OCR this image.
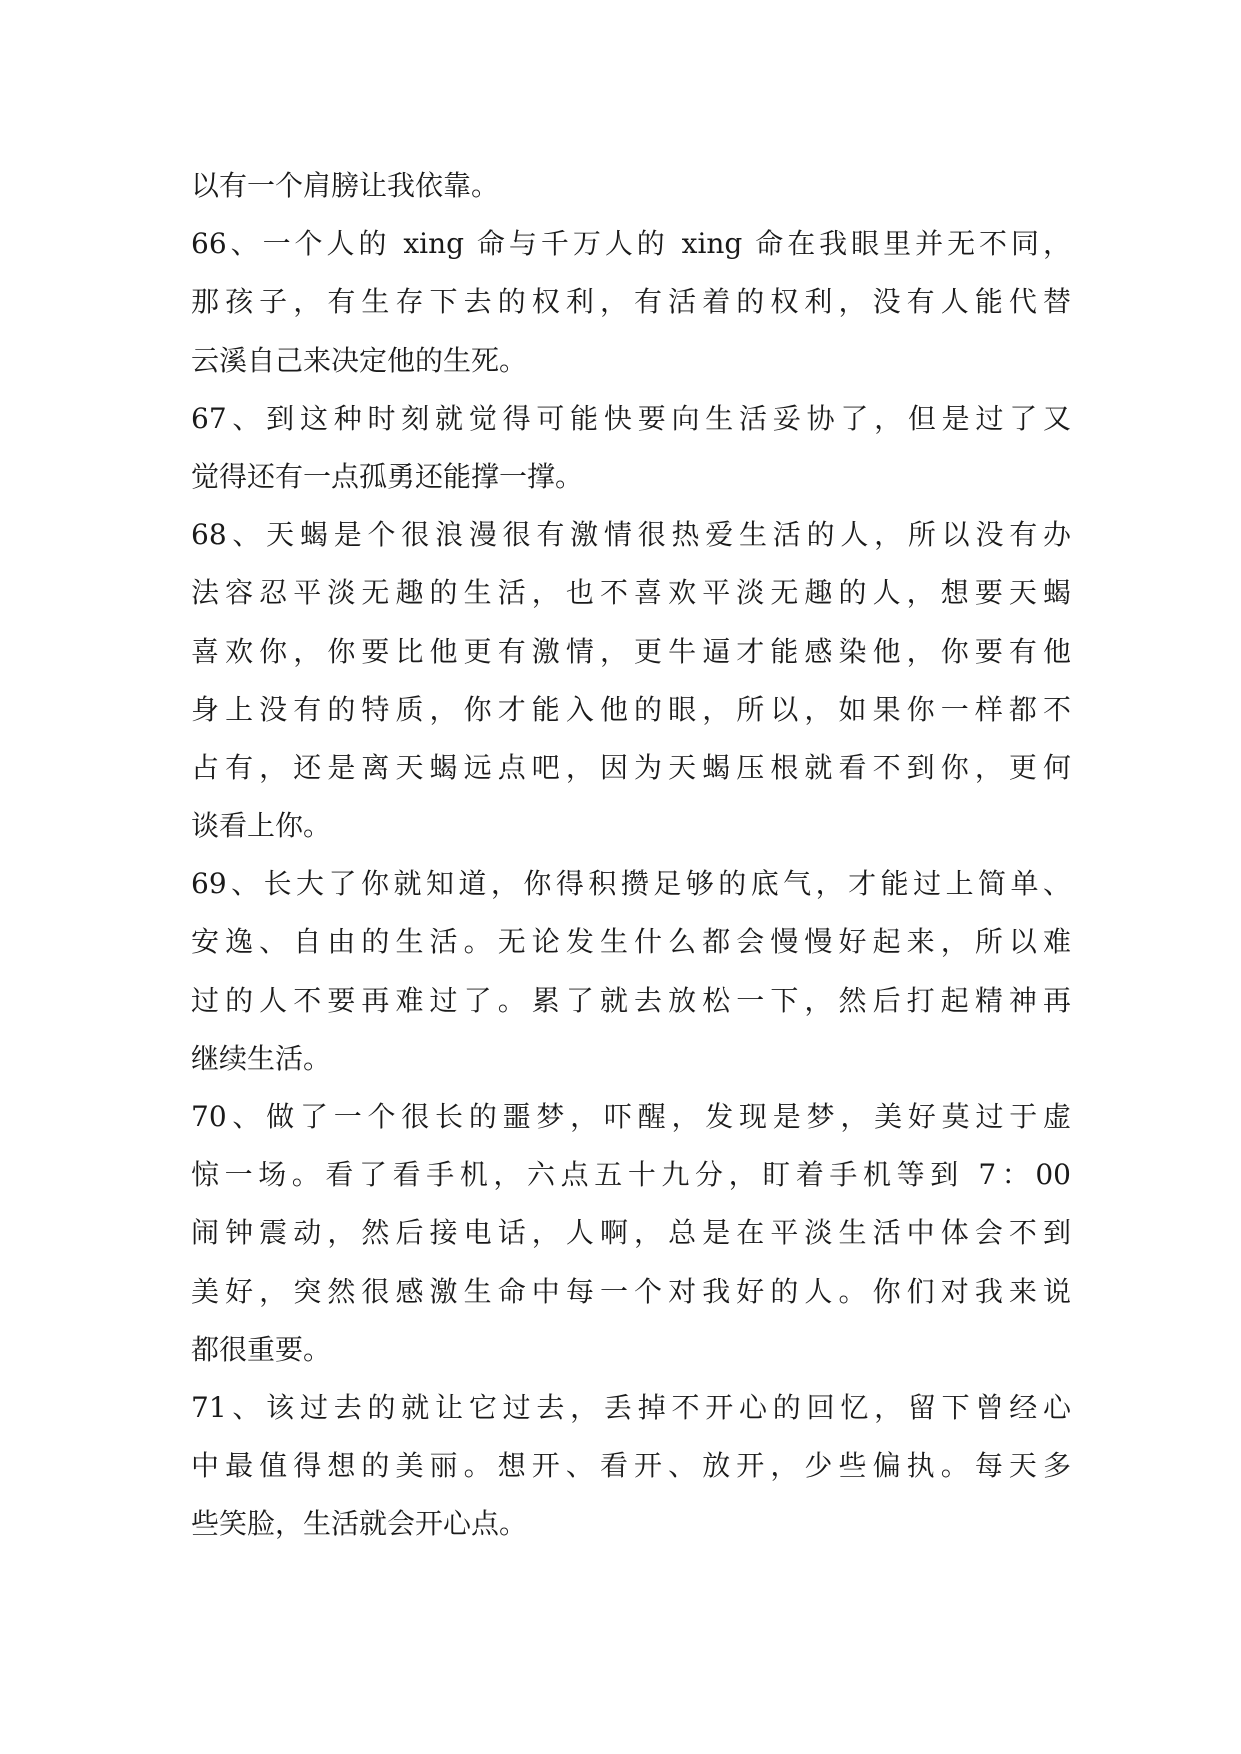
以有一个肩膀让我依靠。
66、一个人的 xing 命与千万人的 xing 命在我眼里并无不同，
那孩子，有生存下去的权利，有活着的权利，没有人能代替
云溪自己来决定他的生死。
67、到这种时刻就觉得可能快要向生活妥协了，但是过了又
觉得还有一点孤勇还能撑一撑。
68、天蝎是个很浪漫很有激情很热爱生活的人，所以没有办
法容忍平淡无趣的生活，也不喜欢平淡无趣的人，想要天蝎
喜欢你，你要比他更有激情，更牛逼才能感染他，你要有他
身上没有的特质，你才能入他的眼，所以，如果你一样都不
占有，还是离天蝎远点吧，因为天蝎压根就看不到你，更何
谈看上你。
69、长大了你就知道，你得积攒足够的底气，才能过上简单、
安逸、自由的生活。无论发生什么都会慢慢好起来，所以难
过的人不要再难过了。累了就去放松一下，然后打起精神再
继续生活。
70、做了一个很长的噩梦，吓醒，发现是梦，美好莫过于虚
惊一场。看了看手机，六点五十九分，盯着手机等到 7：00
闹钟震动，然后接电话，人啊，总是在平淡生活中体会不到
美好，突然很感激生命中每一个对我好的人。你们对我来说
都很重要。
71、该过去的就让它过去，丢掉不开心的回忆，留下曾经心
中最值得想的美丽。想开、看开、放开，少些偏执。每天多
些笑脸，生活就会开心点。
